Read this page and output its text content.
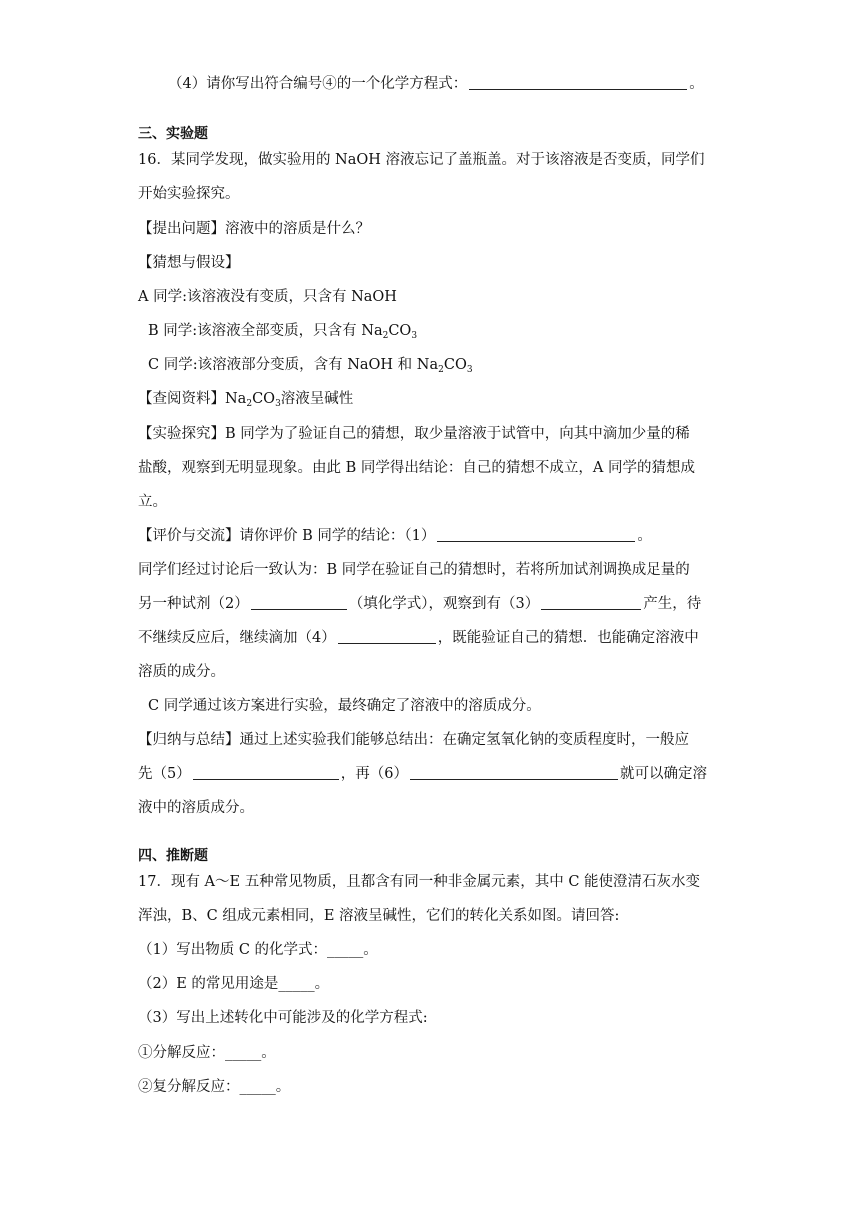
（4）请你写出符合编号④的一个化学方程式：	。
三、实验题
16．某同学发现，做实验用的 NaOH 溶液忘记了盖瓶盖。对于该溶液是否变质，同学们
开始实验探究。
【提出问题】溶液中的溶质是什么？
【猜想与假设】
A 同学:该溶液没有变质，只含有 NaOH
B 同学:该溶液全部变质，只含有 $Na_2CO_3$
C 同学:该溶液部分变质，含有 NaOH 和 $Na_2CO_3$
【查阅资料】$Na_2CO_3$溶液呈碱性
【实验探究】B 同学为了验证自己的猜想，取少量溶液于试管中，向其中滴加少量的稀
盐酸，观察到无明显现象。由此 B 同学得出结论：自己的猜想不成立，A 同学的猜想成
立。
【评价与交流】请你评价 B 同学的结论：（1）	。
同学们经过讨论后一致认为：B 同学在验证自己的猜想时，若将所加试剂调换成足量的
另一种试剂（2）	（填化学式），观察到有（3）	产生，待
不继续反应后，继续滴加（4）	，既能验证自己的猜想．也能确定溶液中
溶质的成分。
C 同学通过该方案进行实验，最终确定了溶液中的溶质成分。
【归纳与总结】通过上述实验我们能够总结出：在确定氢氧化钠的变质程度时，一般应
先（5）	，再（6）	就可以确定溶
液中的溶质成分。
四、推断题
17．现有 A～E 五种常见物质，且都含有同一种非金属元素，其中 C 能使澄清石灰水变
浑浊，B、C 组成元素相同，E 溶液呈碱性，它们的转化关系如图。请回答:
（1）写出物质 C 的化学式：_____。
（2）E 的常见用途是_____。
（3）写出上述转化中可能涉及的化学方程式:
①分解反应：_____。
②复分解反应：_____。
